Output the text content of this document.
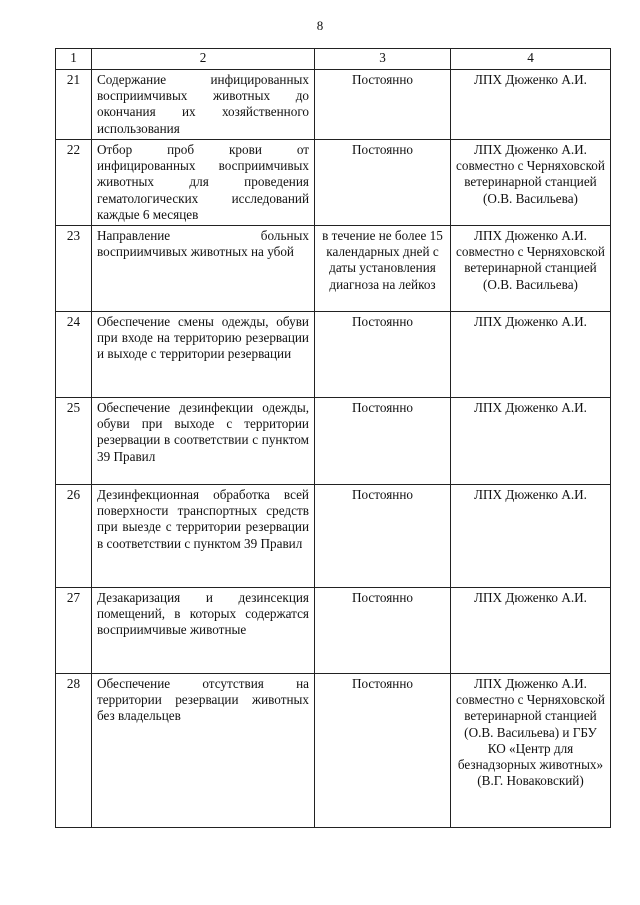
8
1	2	3	4
21	Содержание инфицированных восприимчивых животных до окончания их хозяйственного использования	Постоянно	ЛПХ Дюженко А.И.
22	Отбор проб крови от инфицированных восприимчивых животных для проведения гематологических исследований каждые 6 месяцев	Постоянно	ЛПХ Дюженко А.И. совместно с Черняховской ветеринарной станцией (О.В. Васильева)
23	Направление больных восприимчивых животных на убой	в течение не более 15 календарных дней с даты установления диагноза на лейкоз	ЛПХ Дюженко А.И. совместно с Черняховской ветеринарной станцией (О.В. Васильева)
24	Обеспечение смены одежды, обуви при входе на территорию резервации и выходе с территории резервации	Постоянно	ЛПХ Дюженко А.И.
25	Обеспечение дезинфекции одежды, обуви при выходе с территории резервации в соответствии с пунктом 39 Правил	Постоянно	ЛПХ Дюженко А.И.
26	Дезинфекционная обработка всей поверхности транспортных средств при выезде с территории резервации в соответствии с пунктом 39 Правил	Постоянно	ЛПХ Дюженко А.И.
27	Дезакаризация и дезинсекция помещений, в которых содержатся восприимчивые животные	Постоянно	ЛПХ Дюженко А.И.
28	Обеспечение отсутствия на территории резервации животных без владельцев	Постоянно	ЛПХ Дюженко А.И. совместно с Черняховской ветеринарной станцией (О.В. Васильева) и ГБУ КО «Центр для безнадзорных животных» (В.Г. Новаковский)
